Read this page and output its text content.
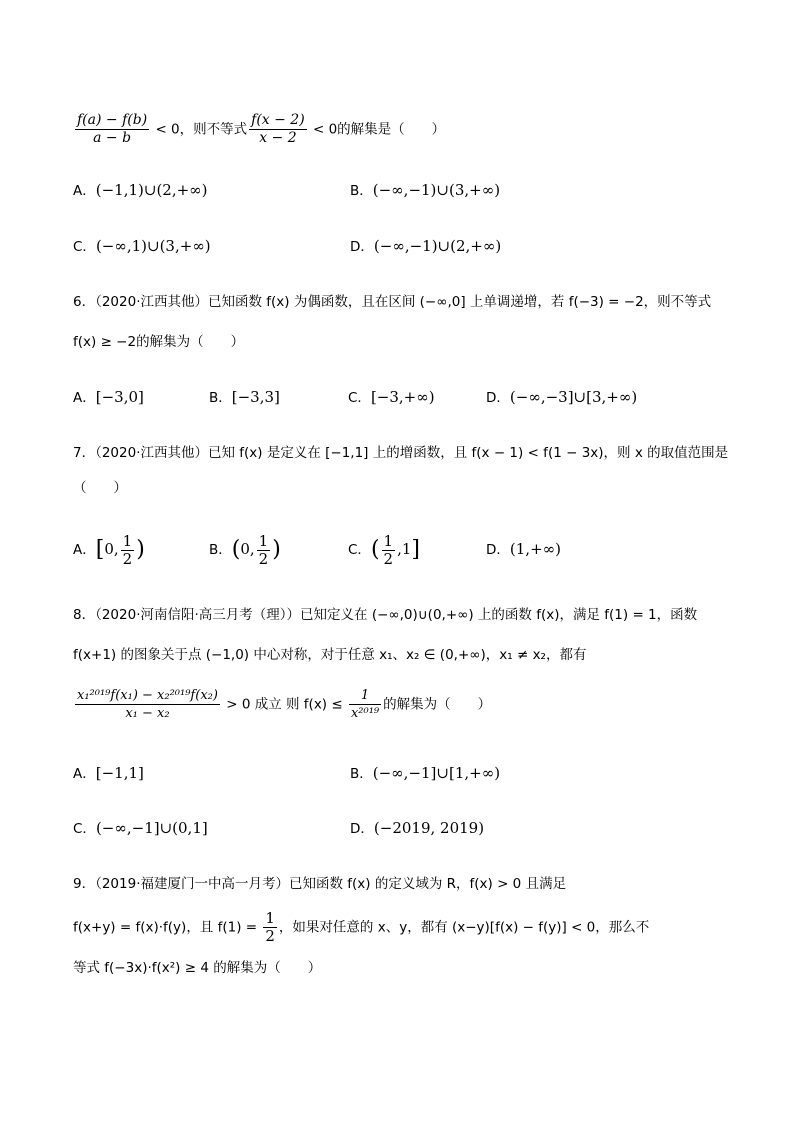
$\frac{f(a) - f(b)}{a - b} < 0$，则不等式 $\frac{f(x - 2)}{x - 2} < 0$的解集是（　　）
A．(−1,1)∪(2,+∞)	B．(−∞,−1)∪(3,+∞)
C．(−∞,1)∪(3,+∞)	D．(−∞,−1)∪(2,+∞)
6．（2020·江西其他）已知函数 f(x) 为偶函数，且在区间 (−∞,0] 上单调递增，若 f(−3) = −2，则不等式
f(x) ≥ −2的解集为（　　）
A．[−3,0]	B．[−3,3]	C．[−3,+∞)	D．(−∞,−3]∪[3,+∞)
7．（2020·江西其他）已知 f(x) 是定义在 [−1,1] 上的增函数，且 f(x − 1) < f(1 − 3x)，则 x 的取值范围是
（　　）
A．[0, $\frac{1}{2}$ )	B．(0, $\frac{1}{2}$ )	C．( $\frac{1}{2} ,1$]	D．(1,+∞)
8．（2020·河南信阳·高三月考（理））已知定义在 (−∞,0)∪(0,+∞) 上的函数 f(x)，满足 f(1) = 1，函数
f(x+1) 的图象关于点 (−1,0) 中心对称，对于任意 x₁、x₂ ∈ (0,+∞)，x₁ ≠ x₂，都有
$\frac{\text{x₁²⁰¹⁹f(x₁) − x₂²⁰¹⁹f(x₂)}}{\text{x₁ − x₂}} > 0$ 成立 则 $f(x) \le \frac{1}{\text{x²⁰¹⁹}}$ 的解集为（　　）
A．[−1,1]	B．(−∞,−1]∪[1,+∞)
C．(−∞,−1]∪(0,1]	D．(−2019, 2019)
9．（2019·福建厦门一中高一月考）已知函数 f(x) 的定义域为 R，f(x) > 0 且满足
f(x+y) = f(x)·f(y)，且 $f(1) = \frac{1}{2}$ ，如果对任意的 x、y，都有 (x−y)[f(x) − f(y)] < 0，那么不
等式 f(−3x)·f(x²) ≥ 4 的解集为（　　）
